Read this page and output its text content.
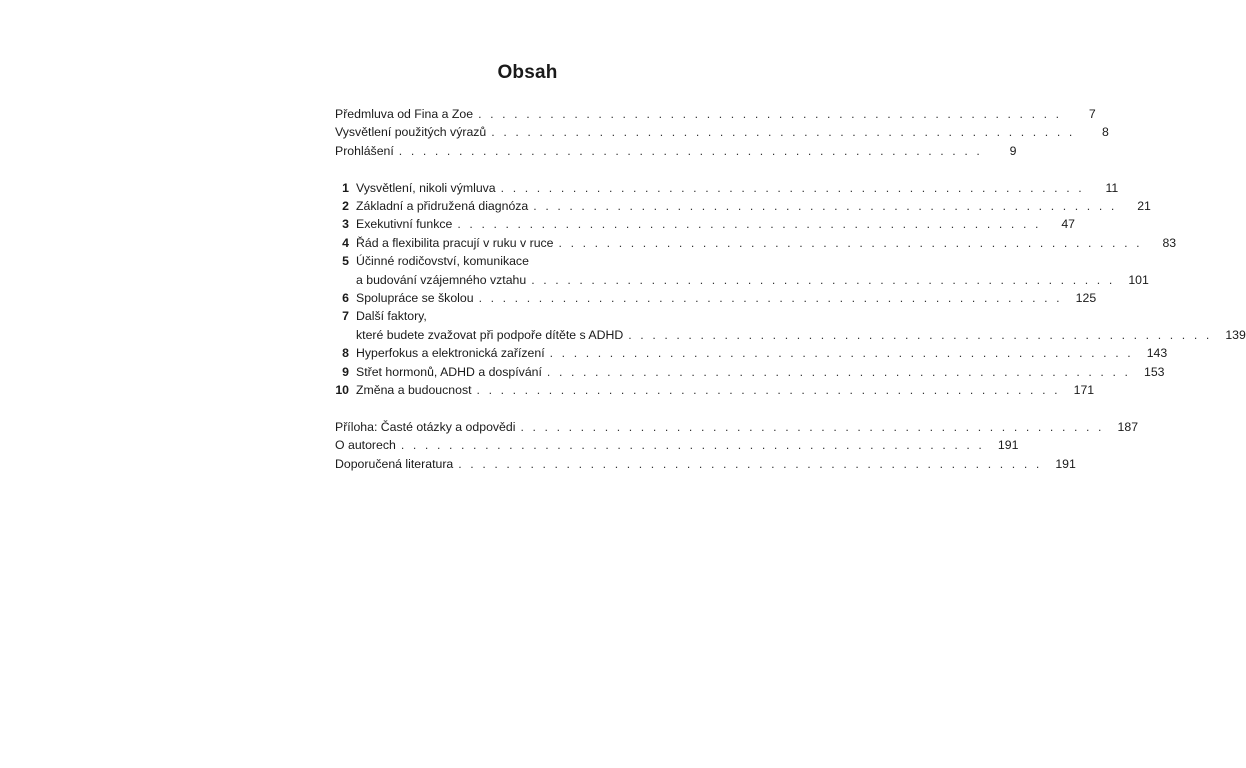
Obsah
Předmluva od Fina a Zoe . . . . . . . . . . . . . . . . . . . . . . . . . . . . . . . . . . . . . . . . . . . . . . . . .	7
Vysvětlení použitých výrazů . . . . . . . . . . . . . . . . . . . . . . . . . . . . . . . . . . . . . . . . . . . . . . . . .	8
Prohlášení . . . . . . . . . . . . . . . . . . . . . . . . . . . . . . . . . . . . . . . . . . . . . . . . .	9
1 Vysvětlení, nikoli výmluva . . . . . . . . . . . . . . . . . . . . . . . . . . . . . . . . . . . . . . . . . . . . . . . . .	11
2 Základní a přidružená diagnóza . . . . . . . . . . . . . . . . . . . . . . . . . . . . . . . . . . . . . . . . . . . . . . . . .	21
3 Exekutivní funkce . . . . . . . . . . . . . . . . . . . . . . . . . . . . . . . . . . . . . . . . . . . . . . . . .	47
4 Řád a flexibilita pracují v ruku v ruce . . . . . . . . . . . . . . . . . . . . . . . . . . . . . . . . . . . . . . . . . . . . . . . . .	83
5 Účinné rodičovství, komunikace
a budování vzájemného vztahu . . . . . . . . . . . . . . . . . . . . . . . . . . . . . . . . . . . . . . . . . . . . . . . . .	101
6 Spolupráce se školou . . . . . . . . . . . . . . . . . . . . . . . . . . . . . . . . . . . . . . . . . . . . . . . . .	125
7 Další faktory,
které budete zvažovat při podpoře dítěte s ADHD . . . . . . . . . . . . . . . . . . . . . . . . . . . . . . . . . . . . . . . . . . . . . . . . .	139
8 Hyperfokus a elektronická zařízení . . . . . . . . . . . . . . . . . . . . . . . . . . . . . . . . . . . . . . . . . . . . . . . . .	143
9 Střet hormonů, ADHD a dospívání . . . . . . . . . . . . . . . . . . . . . . . . . . . . . . . . . . . . . . . . . . . . . . . . .	153
10 Změna a budoucnost . . . . . . . . . . . . . . . . . . . . . . . . . . . . . . . . . . . . . . . . . . . . . . . . .	171
Příloha: Časté otázky a odpovědi . . . . . . . . . . . . . . . . . . . . . . . . . . . . . . . . . . . . . . . . . . . . . . . . .	187
O autorech . . . . . . . . . . . . . . . . . . . . . . . . . . . . . . . . . . . . . . . . . . . . . . . . .	191
Doporučená literatura . . . . . . . . . . . . . . . . . . . . . . . . . . . . . . . . . . . . . . . . . . . . . . . . .	191
